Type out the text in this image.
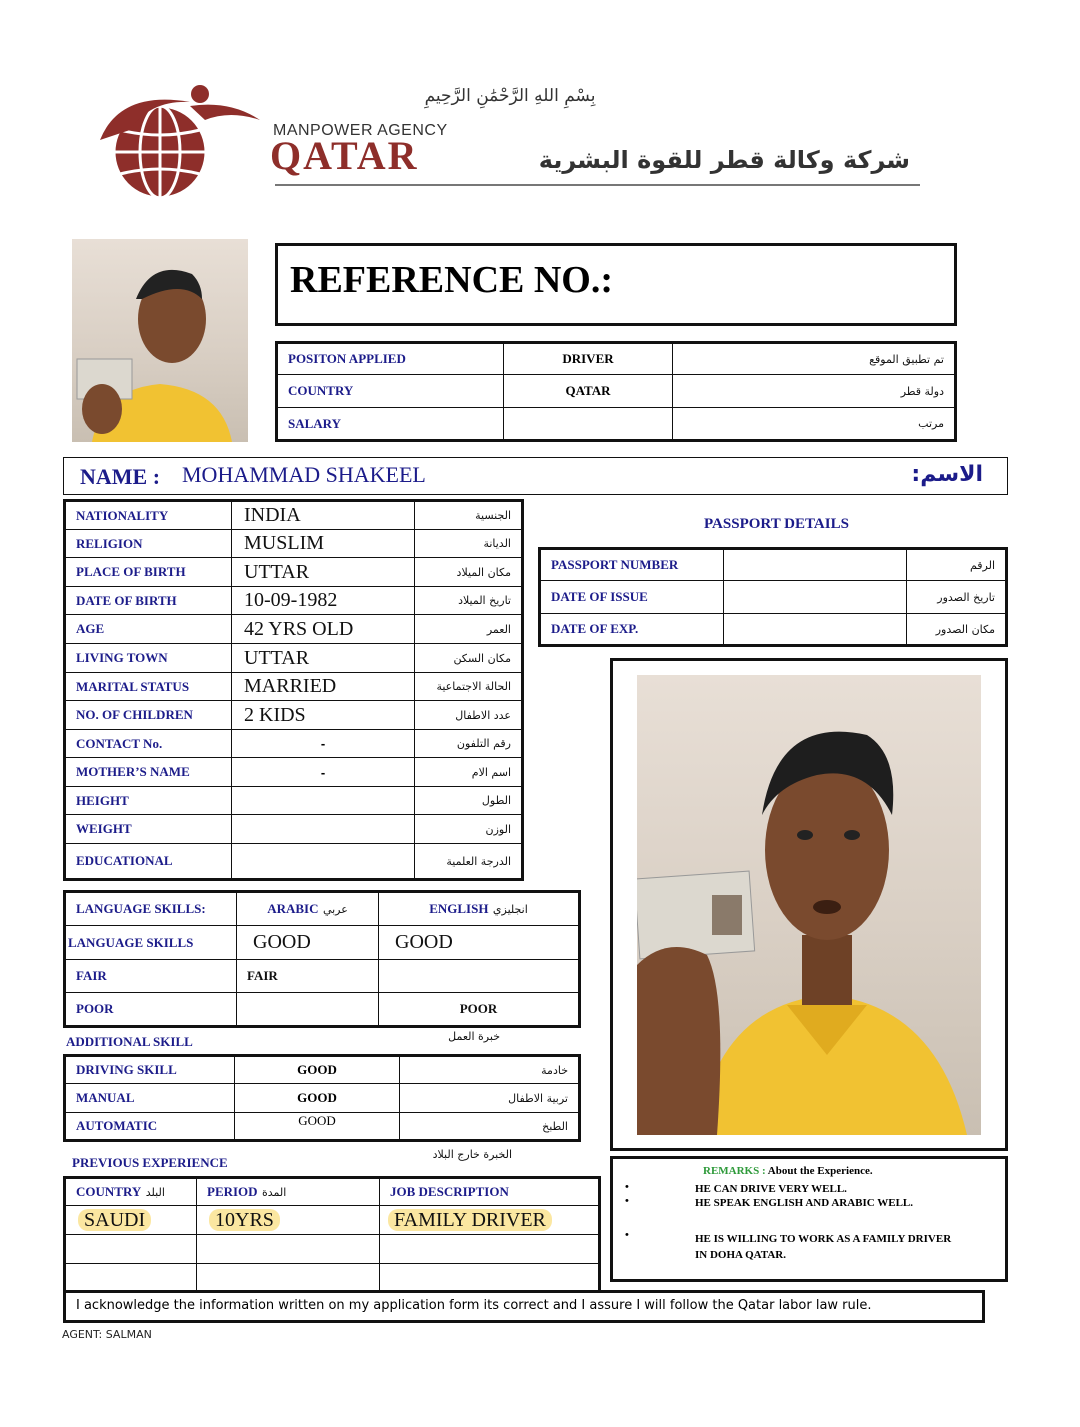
بِسْمِ اللهِ الرَّحْمَٰنِ الرَّحِيمِ
MANPOWER AGENCY
QATAR	شركة وكالة قطر للقوة البشرية
REFERENCE NO.:
POSITON APPLIED	DRIVER	تم تطبيق الموقع
COUNTRY	QATAR	دولة قطر
SALARY		مرتب
NAME : MOHAMMAD SHAKEEL	الاسم:
NATIONALITY	INDIA	الجنسية
RELIGION	MUSLIM	الديانة
PLACE OF BIRTH	UTTAR	مكان الميلاد
DATE OF BIRTH	10-09-1982	تاريخ الميلاد
AGE	42 YRS OLD	العمر
LIVING TOWN	UTTAR	مكان السكن
MARITAL STATUS	MARRIED	الحالة الاجتماعية
NO. OF CHILDREN	2 KIDS	عدد الاطفال
CONTACT No.	-	رقم التلفون
MOTHER’S NAME	-	اسم الام
HEIGHT		الطول
WEIGHT		الوزن
EDUCATIONAL		الدرجة العلمية
PASSPORT DETAILS
PASSPORT NUMBER		الرقم
DATE OF ISSUE		تاريخ الصدور
DATE OF EXP.		مكان الصدور
LANGUAGE SKILLS:	ARABIC عربي	ENGLISH انجليزي
LANGUAGE SKILLS	GOOD	GOOD
FAIR	FAIR	
POOR		POOR
ADDITIONAL SKILL	خبرة العمل
DRIVING SKILL	GOOD	خادمة
MANUAL	GOOD	تربية الاطفال
AUTOMATIC	GOOD	الطبخ
PREVIOUS EXPERIENCE
الخبرة خارج البلاد
COUNTRY البلد	PERIOD المدة	JOB DESCRIPTION
SAUDI	10YRS	FAMILY DRIVER

REMARKS : About the Experience.
•	HE CAN DRIVE VERY WELL.
•	HE SPEAK ENGLISH AND ARABIC WELL.
•	HE IS WILLING TO WORK AS A FAMILY DRIVER IN DOHA QATAR.
I acknowledge the information written on my application form its correct and I assure I will follow the Qatar labor law rule.
AGENT: SALMAN
